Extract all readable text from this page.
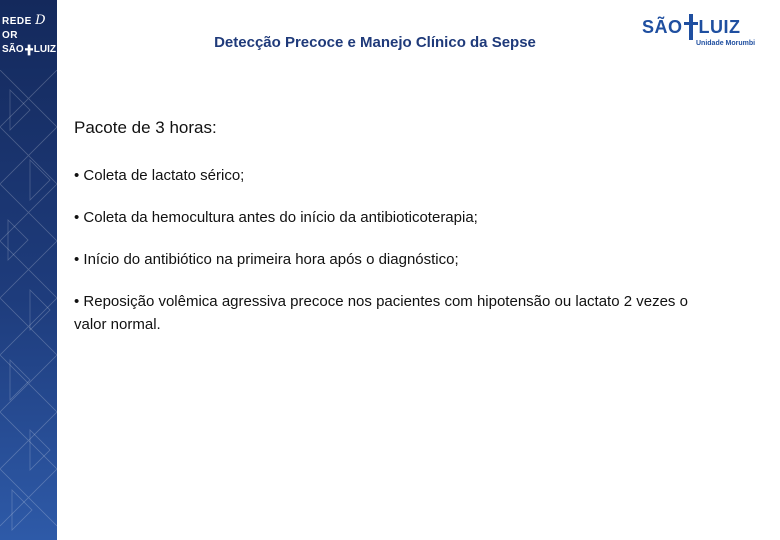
REDE D OR
SÃO LUIZ	Detecção Precoce e Manejo Clínico da Sepse
SÃO LUIZ
Unidade Morumbi
Pacote de 3 horas:
• Coleta de lactato sérico;
• Coleta da hemocultura antes do início da antibioticoterapia;
• Início do antibiótico na primeira hora após o diagnóstico;
• Reposição volêmica agressiva precoce nos pacientes com hipotensão ou lactato 2 vezes o valor normal.
